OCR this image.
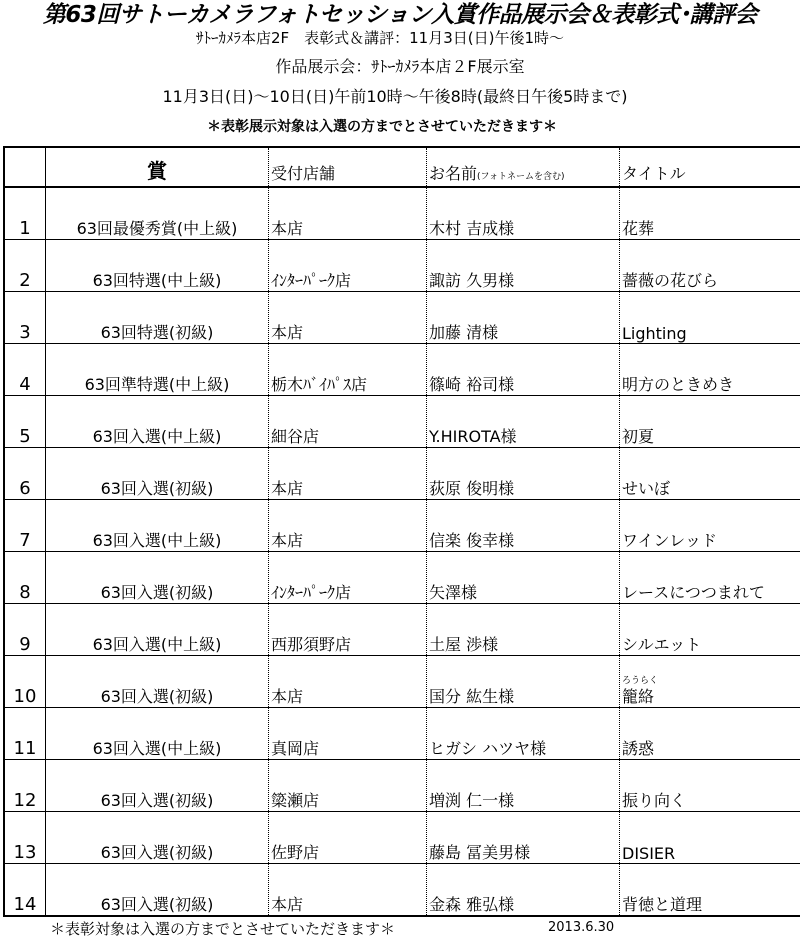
第63回サトーカメラフォトセッション入賞作品展示会＆表彰式･講評会
ｻﾄｰｶﾒﾗ本店2F　表彰式＆講評：11月3日(日)午後1時～
作品展示会：ｻﾄｰｶﾒﾗ本店２F展示室
11月3日(日)～10日(日)午前10時～午後8時(最終日午後5時まで)
＊表彰展示対象は入選の方までとさせていただきます＊
	賞	受付店舗	お名前(フォトネームを含む)	タイトル
1	63回最優秀賞(中上級)	本店	木村 吉成様	花葬
2	63回特選(中上級)	ｲﾝﾀｰﾊﾟｰｸ店	諏訪 久男様	薔薇の花びら
3	63回特選(初級)	本店	加藤 清様	Lighting
4	63回準特選(中上級)	栃木ﾊﾞｲﾊﾟｽ店	篠崎 裕司様	明方のときめき
5	63回入選(中上級)	細谷店	Y.HIROTA様	初夏
6	63回入選(初級)	本店	荻原 俊明様	せいぼ
7	63回入選(中上級)	本店	信楽 俊幸様	ワインレッド
8	63回入選(初級)	ｲﾝﾀｰﾊﾟｰｸ店	矢澤様	レースにつつまれて
9	63回入選(中上級)	西那須野店	土屋 渉様	シルエット
10	63回入選(初級)	本店	国分 紘生様	ろうらく
籠絡
11	63回入選(中上級)	真岡店	ヒガシ ハツヤ様	誘惑
12	63回入選(初級)	簗瀬店	増渕 仁一様	振り向く
13	63回入選(初級)	佐野店	藤島 冨美男様	DISIER
14	63回入選(初級)	本店	金森 雅弘様	背徳と道理
＊表彰対象は入選の方までとさせていただきます＊	2013.6.30
